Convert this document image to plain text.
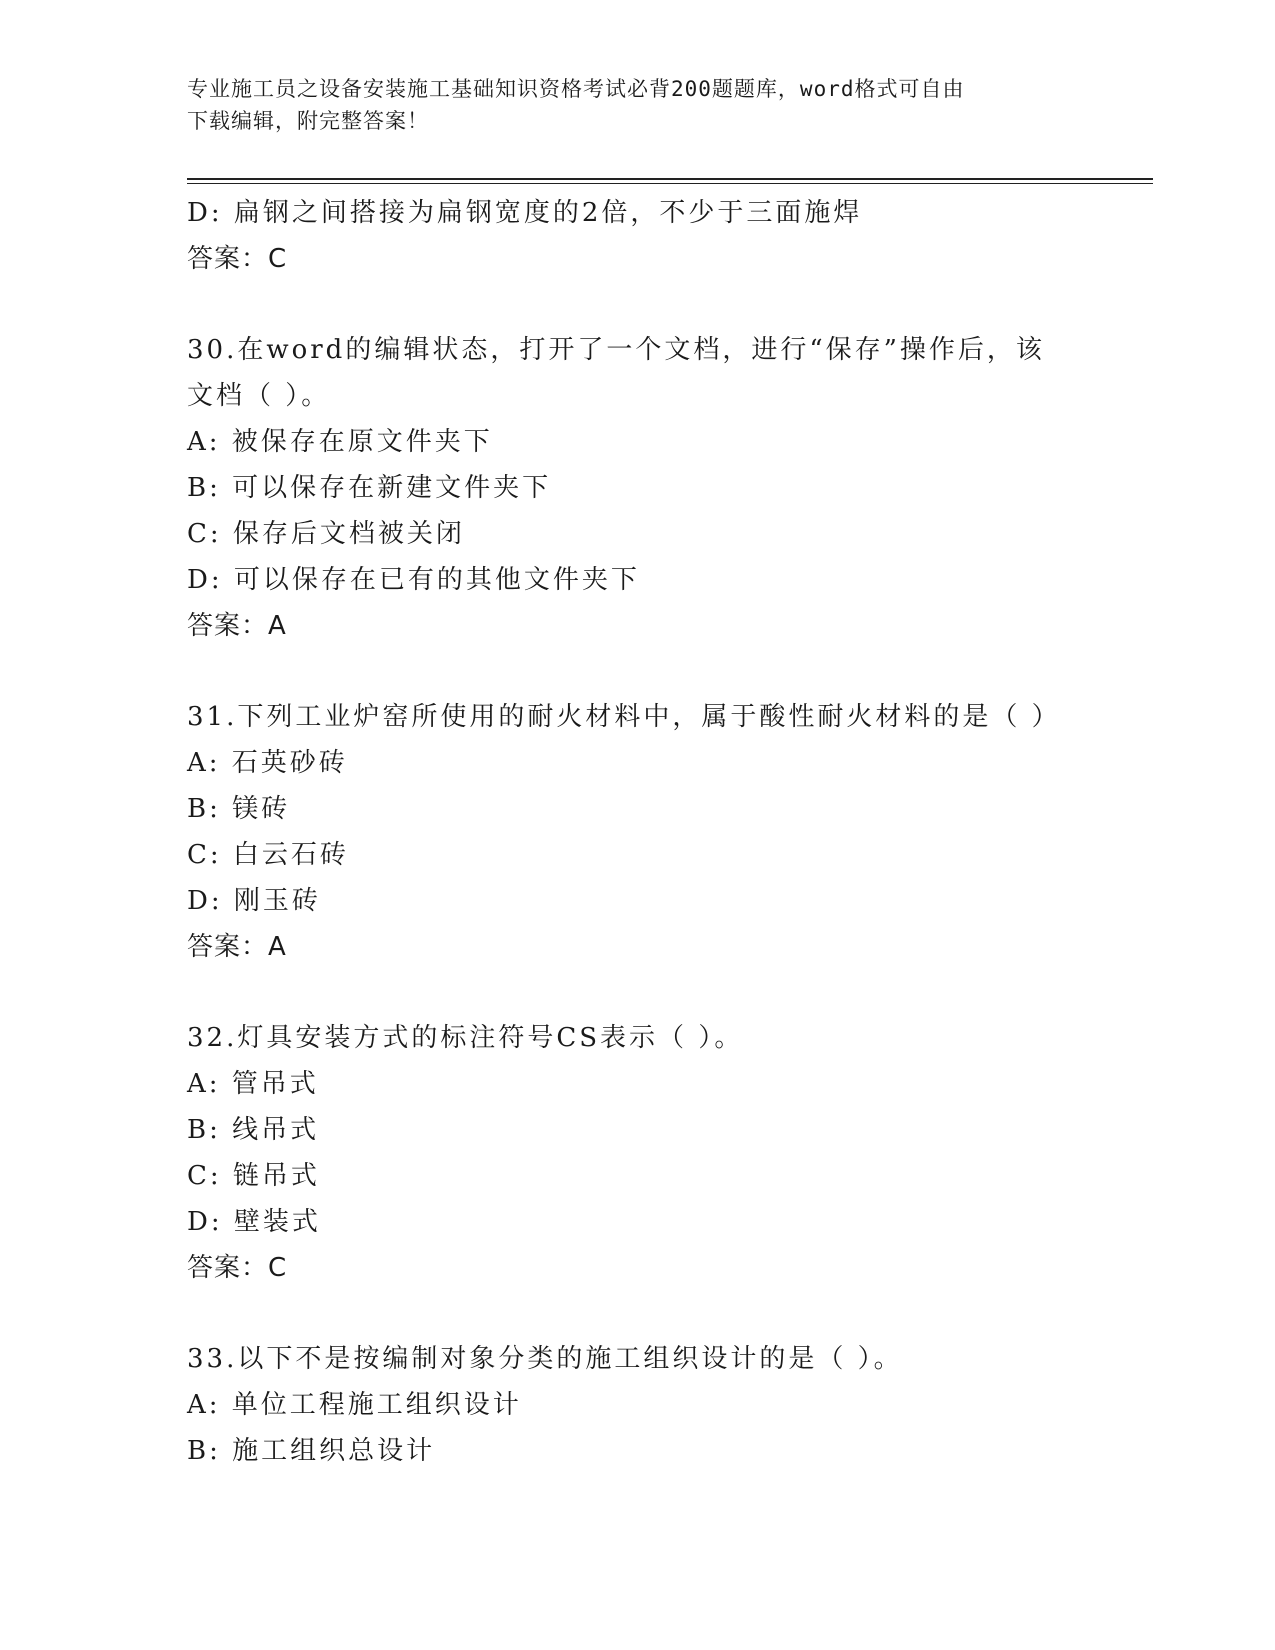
专业施工员之设备安装施工基础知识资格考试必背200题题库，word格式可自由
下载编辑，附完整答案！
D: 扁钢之间搭接为扁钢宽度的2倍，不少于三面施焊
答案：C
30.在word的编辑状态，打开了一个文档，进行“保存”操作后，该
文档（ ）。
A: 被保存在原文件夹下
B: 可以保存在新建文件夹下
C: 保存后文档被关闭
D: 可以保存在已有的其他文件夹下
答案：A
31.下列工业炉窑所使用的耐火材料中，属于酸性耐火材料的是（ ）
A: 石英砂砖
B: 镁砖
C: 白云石砖
D: 刚玉砖
答案：A
32.灯具安装方式的标注符号CS表示（ ）。
A: 管吊式
B: 线吊式
C: 链吊式
D: 壁装式
答案：C
33.以下不是按编制对象分类的施工组织设计的是（ ）。
A: 单位工程施工组织设计
B: 施工组织总设计
